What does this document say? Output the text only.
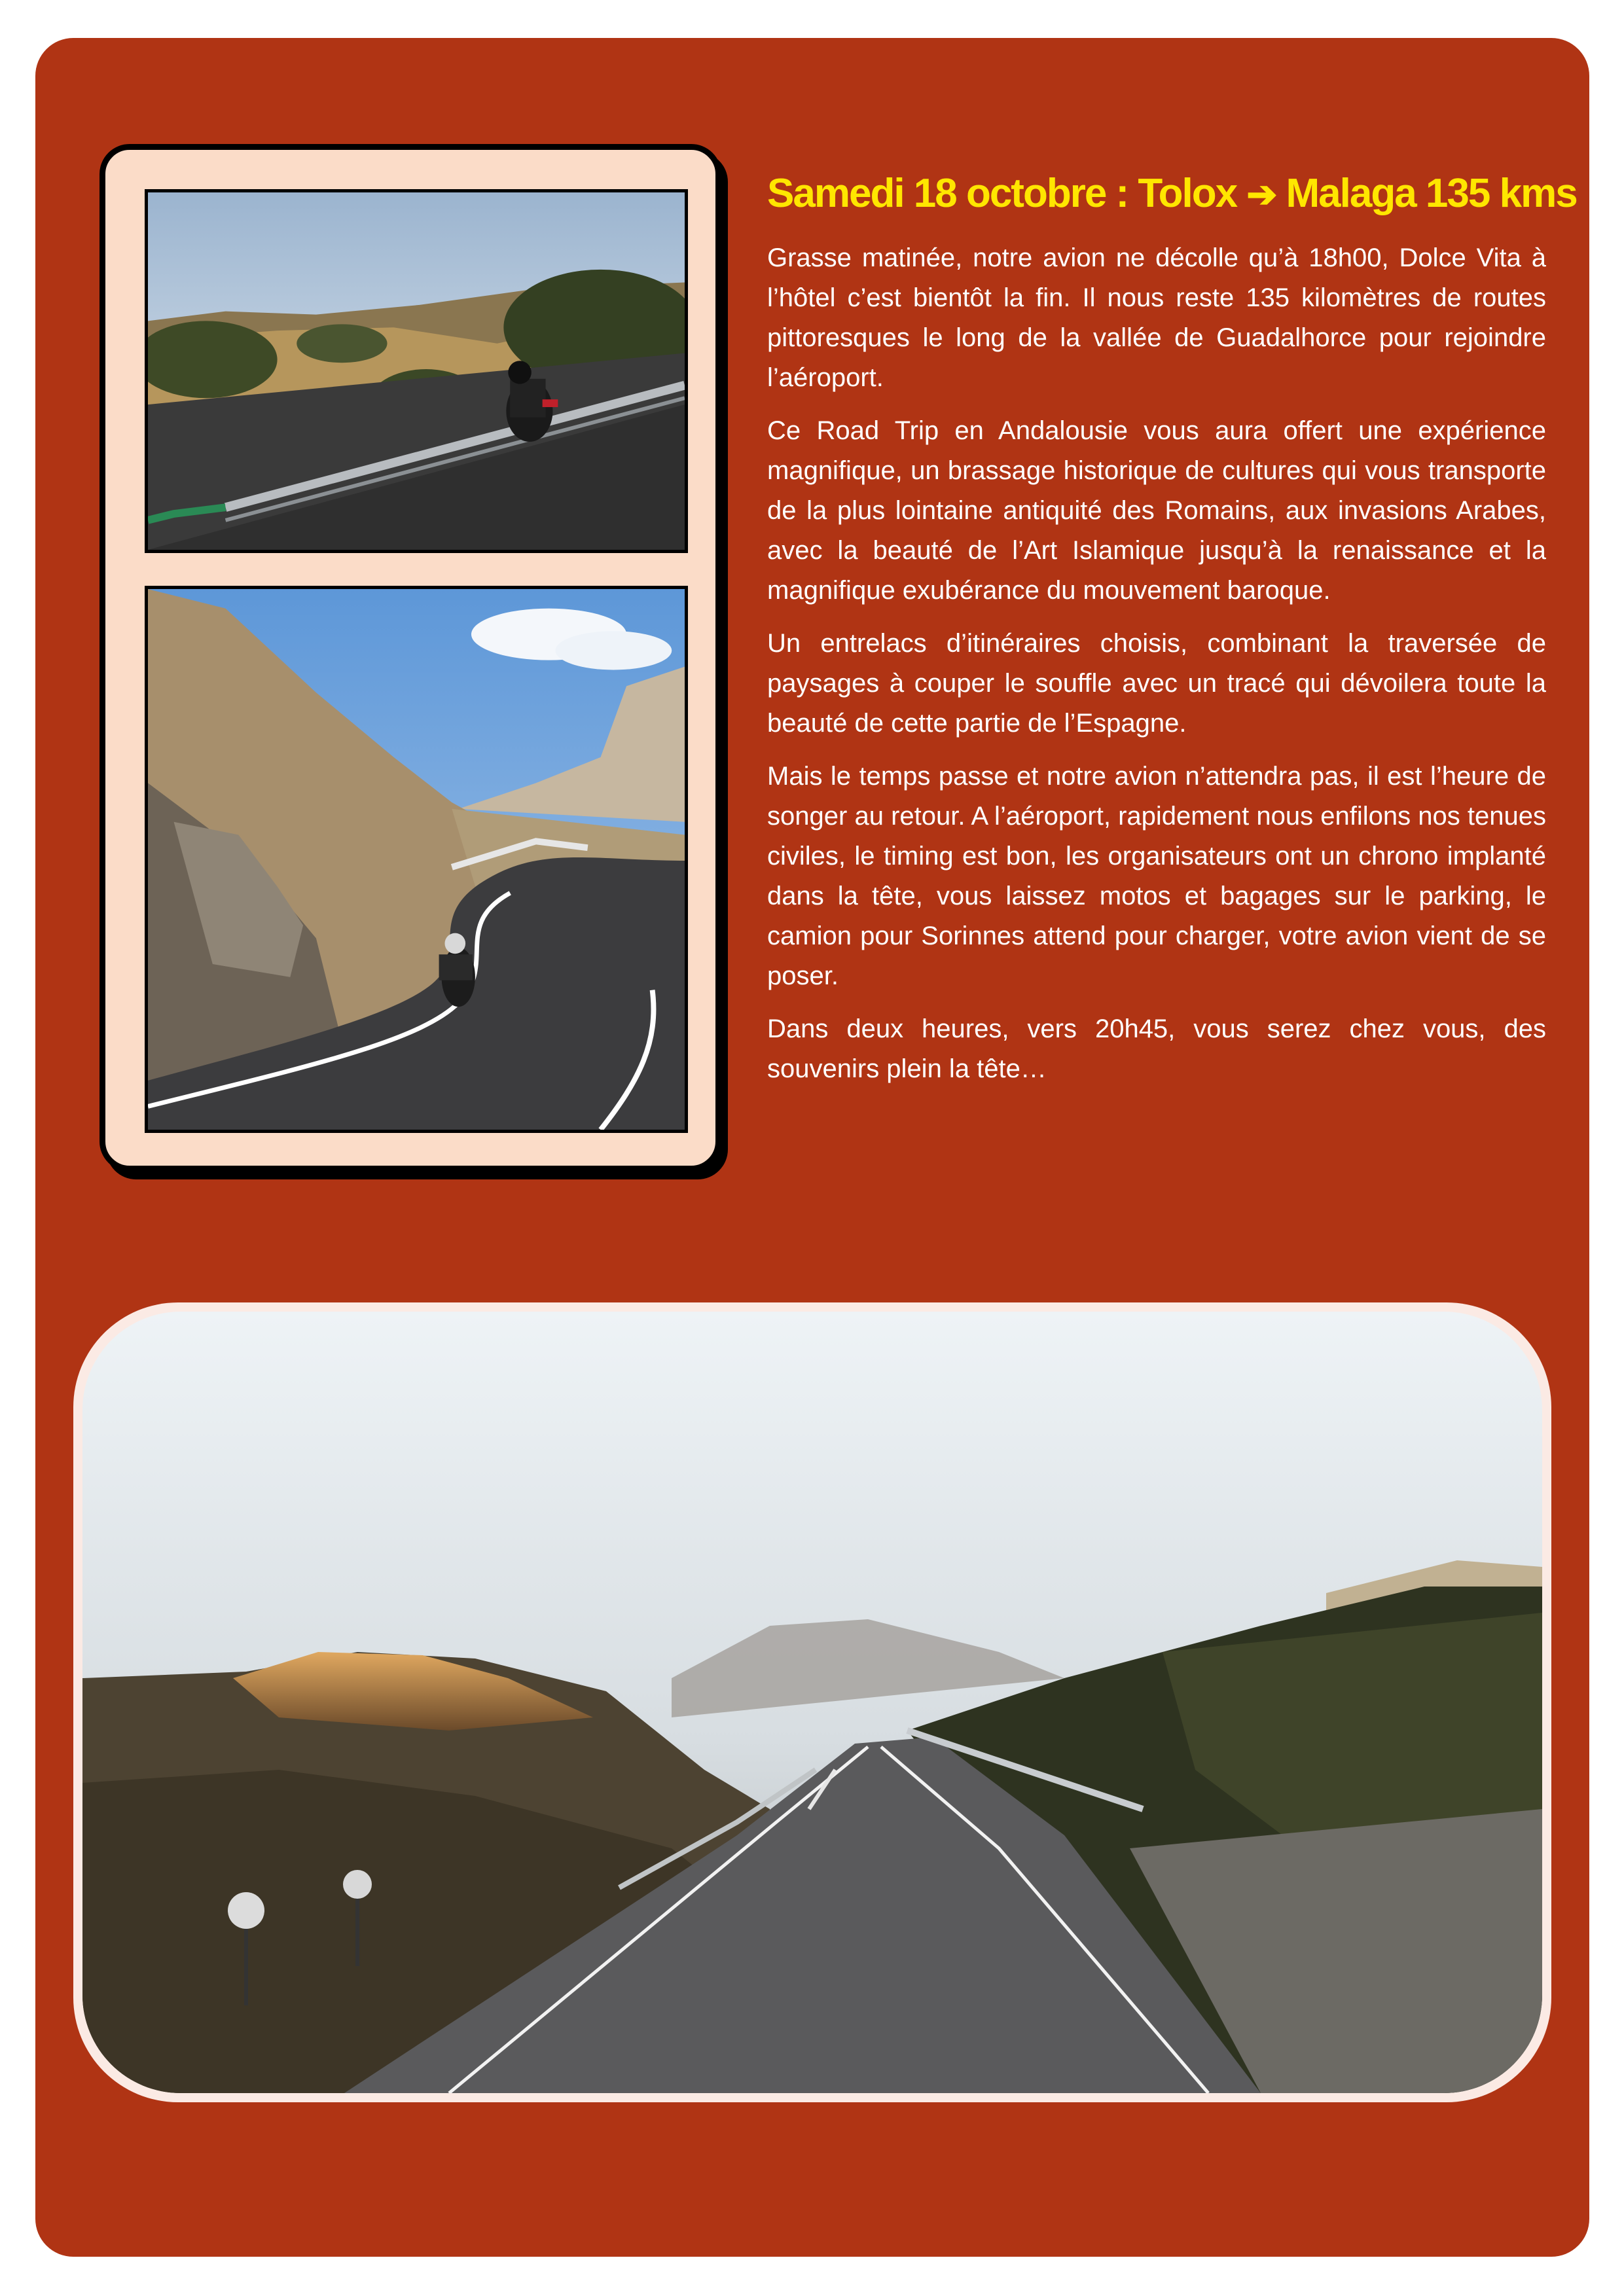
Samedi 18 octobre : Tolox ➔ Malaga 135 kms

Grasse matinée, notre avion ne décolle qu’à 18h00, Dolce Vita à l’hôtel c’est bientôt la fin. Il nous reste 135 kilomètres de routes pittoresques le long de la vallée de Guadalhorce pour rejoindre l’aéroport.

Ce Road Trip en Andalousie vous aura offert une expérience magnifique, un brassage historique de cultures qui vous transporte de la plus lointaine antiquité des Romains, aux invasions Arabes, avec la beauté de l’Art Islamique jusqu’à la renaissance et la magnifique exubérance du mouvement baroque.

Un entrelacs d’itinéraires choisis, combinant la traversée de paysages à couper le souffle avec un tracé qui dévoilera toute la beauté de cette partie de l’Espagne.

Mais le temps passe et notre avion n’attendra pas, il est l’heure de songer au retour. A l’aéroport, rapidement nous enfilons nos tenues civiles, le timing est bon, les organisateurs ont un chrono implanté dans la tête, vous laissez motos et bagages sur le parking, le camion pour Sorinnes attend pour charger, votre avion vient de se poser.

Dans deux heures, vers 20h45, vous serez chez vous, des souvenirs plein la tête…
